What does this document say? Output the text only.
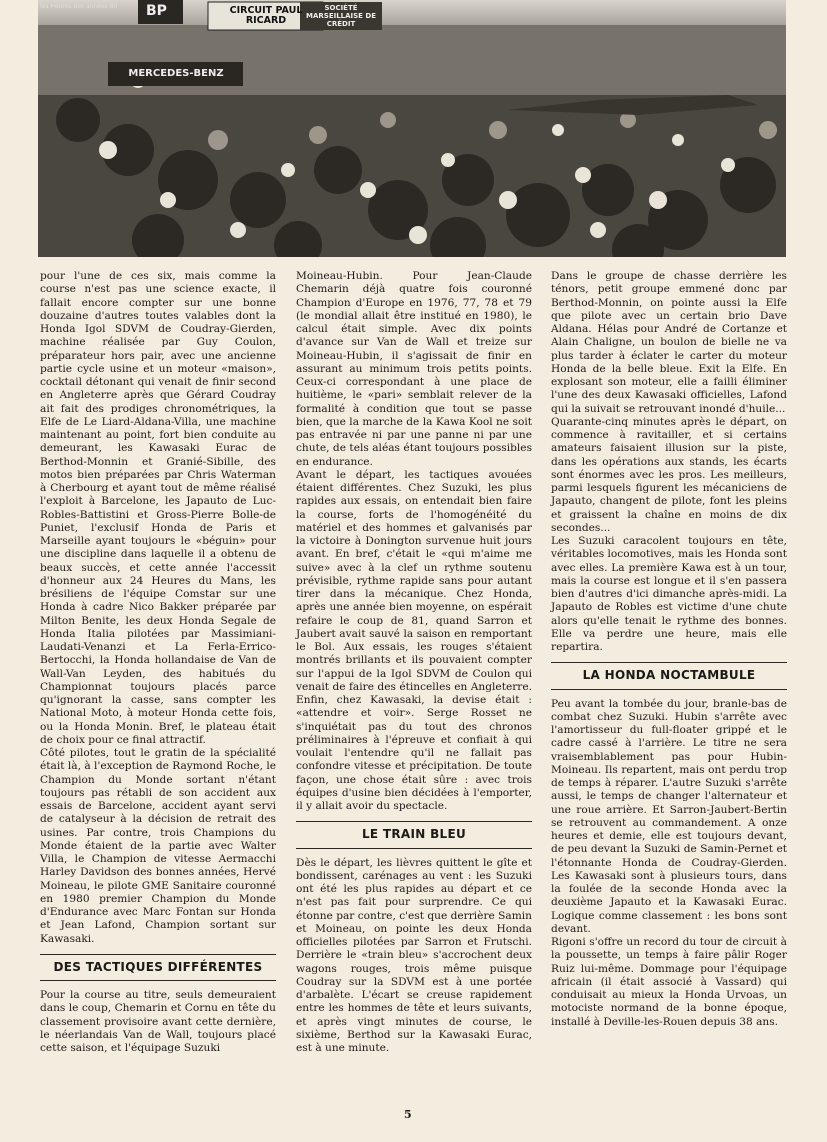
CIRCUIT PAUL RICARD
SOCIÉTÉ MARSEILLAISE DE CRÉDIT
MERCEDES-BENZ
BP
les Heures des années 80

pour l'une de ces six, mais comme la course n'est pas une science exacte, il fallait encore compter sur une bonne douzaine d'autres toutes valables dont la Honda Igol SDVM de Coudray-Gierden, machine réalisée par Guy Coulon, préparateur hors pair, avec une ancienne partie cycle usine et un moteur «maison», cocktail détonant qui venait de finir second en Angleterre après que Gérard Coudray ait fait des prodiges chronométriques, la Elfe de Le Liard-Aldana-Villa, une machine maintenant au point, fort bien conduite au demeurant, les Kawasaki Eurac de Berthod-Monnin et Granié-Sibille, des motos bien préparées par Chris Waterman à Cherbourg et ayant tout de même réalisé l'exploit à Barcelone, les Japauto de Luc-Robles-Battistini et Gross-Pierre Bolle-de Puniet, l'exclusif Honda de Paris et Marseille ayant toujours le «béguin» pour une discipline dans laquelle il a obtenu de beaux succès, et cette année l'accessit d'honneur aux 24 Heures du Mans, les brésiliens de l'équipe Comstar sur une Honda à cadre Nico Bakker préparée par Milton Benite, les deux Honda Segale de Honda Italia pilotées par Massimiani-Laudati-Venanzi et La Ferla-Errico-Bertocchi, la Honda hollandaise de Van de Wall-Van Leyden, des habitués du Championnat toujours placés parce qu'ignorant la casse, sans compter les National Moto, à moteur Honda cette fois, ou la Honda Monin. Bref, le plateau était de choix pour ce final attractif.

Côté pilotes, tout le gratin de la spécialité était là, à l'exception de Raymond Roche, le Champion du Monde sortant n'étant toujours pas rétabli de son accident aux essais de Barcelone, accident ayant servi de catalyseur à la décision de retrait des usines. Par contre, trois Champions du Monde étaient de la partie avec Walter Villa, le Champion de vitesse Aermacchi Harley Davidson des bonnes années, Hervé Moineau, le pilote GME Sanitaire couronné en 1980 premier Champion du Monde d'Endurance avec Marc Fontan sur Honda et Jean Lafond, Champion sortant sur Kawasaki.

DES TACTIQUES DIFFÉRENTES

Pour la course au titre, seuls demeuraient dans le coup, Chemarin et Cornu en tête du classement provisoire avant cette dernière, le néerlandais Van de Wall, toujours placé cette saison, et l'équipage Suzuki

Moineau-Hubin. Pour Jean-Claude Chemarin déjà quatre fois couronné Champion d'Europe en 1976, 77, 78 et 79 (le mondial allait être institué en 1980), le calcul était simple. Avec dix points d'avance sur Van de Wall et treize sur Moineau-Hubin, il s'agissait de finir en assurant au minimum trois petits points. Ceux-ci correspondant à une place de huitième, le «pari» semblait relever de la formalité à condition que tout se passe bien, que la marche de la Kawa Kool ne soit pas entravée ni par une panne ni par une chute, de tels aléas étant toujours possibles en endurance.

Avant le départ, les tactiques avouées étaient différentes. Chez Suzuki, les plus rapides aux essais, on entendait bien faire la course, forts de l'homogénéité du matériel et des hommes et galvanisés par la victoire à Donington survenue huit jours avant. En bref, c'était le «qui m'aime me suive» avec à la clef un rythme soutenu prévisible, rythme rapide sans pour autant tirer dans la mécanique. Chez Honda, après une année bien moyenne, on espérait refaire le coup de 81, quand Sarron et Jaubert avait sauvé la saison en remportant le Bol. Aux essais, les rouges s'étaient montrés brillants et ils pouvaient compter sur l'appui de la Igol SDVM de Coulon qui venait de faire des étincelles en Angleterre. Enfin, chez Kawasaki, la devise était : «attendre et voir». Serge Rosset ne s'inquiétait pas du tout des chronos préliminaires à l'épreuve et confiait à qui voulait l'entendre qu'il ne fallait pas confondre vitesse et précipitation. De toute façon, une chose était sûre : avec trois équipes d'usine bien décidées à l'emporter, il y allait avoir du spectacle.

LE TRAIN BLEU

Dès le départ, les lièvres quittent le gîte et bondissent, carénages au vent : les Suzuki ont été les plus rapides au départ et ce n'est pas fait pour surprendre. Ce qui étonne par contre, c'est que derrière Samin et Moineau, on pointe les deux Honda officielles pilotées par Sarron et Frutschi. Derrière le «train bleu» s'accrochent deux wagons rouges, trois même puisque Coudray sur la SDVM est à une portée d'arbalète. L'écart se creuse rapidement entre les hommes de tête et leurs suivants, et après vingt minutes de course, le sixième, Berthod sur la Kawasaki Eurac, est à une minute.

Dans le groupe de chasse derrière les ténors, petit groupe emmené donc par Berthod-Monnin, on pointe aussi la Elfe que pilote avec un certain brio Dave Aldana. Hélas pour André de Cortanze et Alain Chaligne, un boulon de bielle ne va plus tarder à éclater le carter du moteur Honda de la belle bleue. Exit la Elfe. En explosant son moteur, elle a failli éliminer l'une des deux Kawasaki officielles, Lafond qui la suivait se retrouvant inondé d'huile...

Quarante-cinq minutes après le départ, on commence à ravitailler, et si certains amateurs faisaient illusion sur la piste, dans les opérations aux stands, les écarts sont énormes avec les pros. Les meilleurs, parmi lesquels figurent les mécaniciens de Japauto, changent de pilote, font les pleins et graissent la chaîne en moins de dix secondes...

Les Suzuki caracolent toujours en tête, véritables locomotives, mais les Honda sont avec elles. La première Kawa est à un tour, mais la course est longue et il s'en passera bien d'autres d'ici dimanche après-midi. La Japauto de Robles est victime d'une chute alors qu'elle tenait le rythme des bonnes. Elle va perdre une heure, mais elle repartira.

LA HONDA NOCTAMBULE

Peu avant la tombée du jour, branle-bas de combat chez Suzuki. Hubin s'arrête avec l'amortisseur du full-floater grippé et le cadre cassé à l'arrière. Le titre ne sera vraisemblablement pas pour Hubin-Moineau. Ils repartent, mais ont perdu trop de temps à réparer. L'autre Suzuki s'arrête aussi, le temps de changer l'alternateur et une roue arrière. Et Sarron-Jaubert-Bertin se retrouvent au commandement. A onze heures et demie, elle est toujours devant, de peu devant la Suzuki de Samin-Pernet et l'étonnante Honda de Coudray-Gierden. Les Kawasaki sont à plusieurs tours, dans la foulée de la seconde Honda avec la deuxième Japauto et la Kawasaki Eurac. Logique comme classement : les bons sont devant.

Rigoni s'offre un record du tour de circuit à la poussette, un temps à faire pâlir Roger Ruiz lui-même. Dommage pour l'équipage africain (il était associé à Vassard) qui conduisait au mieux la Honda Urvoas, un motociste normand de la bonne époque, installé à Deville-les-Rouen depuis 38 ans.

5
